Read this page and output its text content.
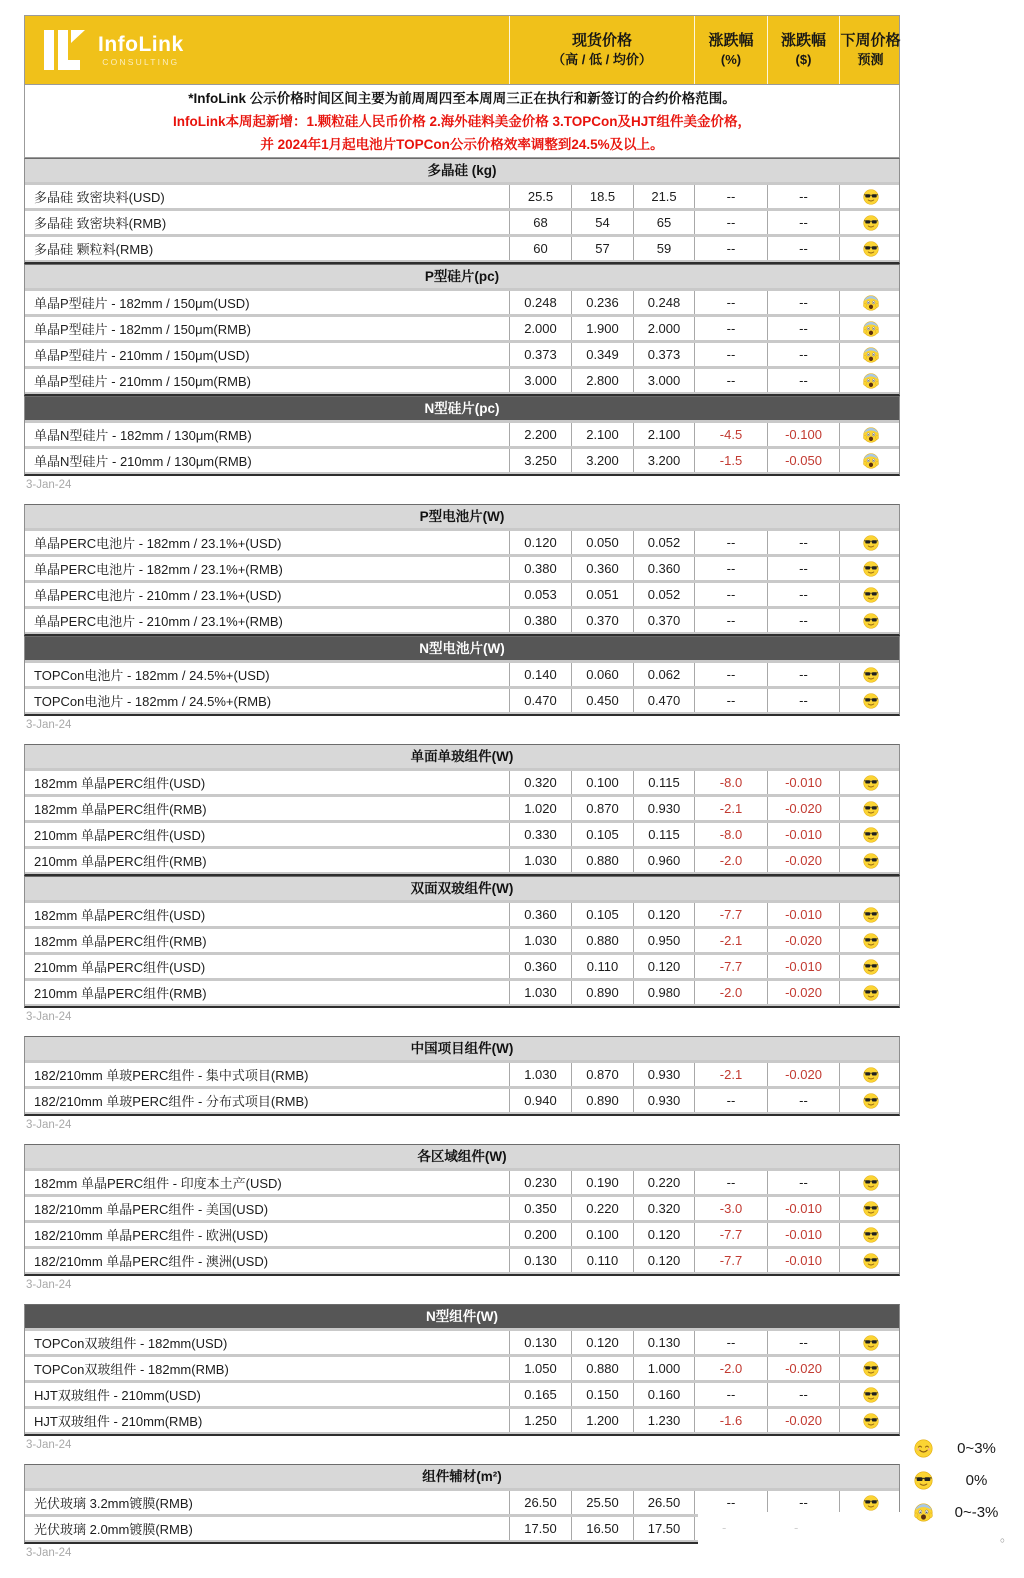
InfoLink
CONSULTING
现货价格
（高 / 低 / 均价）
涨跌幅
(%)
涨跌幅
($)
下周价格
预测
*InfoLink 公示价格时间区间主要为前周周四至本周周三正在执行和新签订的合约价格范围。
InfoLink本周起新增：1.颗粒硅人民币价格 2.海外硅料美金价格 3.TOPCon及HJT组件美金价格，
并 2024年1月起电池片TOPCon公示价格效率调整到24.5%及以上。
多晶硅 (kg)
多晶硅 致密块料(USD)	25.5	18.5	21.5	--	--
多晶硅 致密块料(RMB)	68	54	65	--	--
多晶硅 颗粒料(RMB)	60	57	59	--	--
P型硅片(pc)
单晶P型硅片 - 182mm / 150μm(USD)	0.248	0.236	0.248	--	--
单晶P型硅片 - 182mm / 150μm(RMB)	2.000	1.900	2.000	--	--
单晶P型硅片 - 210mm / 150μm(USD)	0.373	0.349	0.373	--	--
单晶P型硅片 - 210mm / 150μm(RMB)	3.000	2.800	3.000	--	--
N型硅片(pc)
单晶N型硅片 - 182mm / 130μm(RMB)	2.200	2.100	2.100	-4.5	-0.100
单晶N型硅片 - 210mm / 130μm(RMB)	3.250	3.200	3.200	-1.5	-0.050
3-Jan-24
P型电池片(W)
单晶PERC电池片 - 182mm / 23.1%+(USD)	0.120	0.050	0.052	--	--
单晶PERC电池片 - 182mm / 23.1%+(RMB)	0.380	0.360	0.360	--	--
单晶PERC电池片 - 210mm / 23.1%+(USD)	0.053	0.051	0.052	--	--
单晶PERC电池片 - 210mm / 23.1%+(RMB)	0.380	0.370	0.370	--	--
N型电池片(W)
TOPCon电池片 - 182mm / 24.5%+(USD)	0.140	0.060	0.062	--	--
TOPCon电池片 - 182mm / 24.5%+(RMB)	0.470	0.450	0.470	--	--
3-Jan-24
单面单玻组件(W)
182mm 单晶PERC组件(USD)	0.320	0.100	0.115	-8.0	-0.010
182mm 单晶PERC组件(RMB)	1.020	0.870	0.930	-2.1	-0.020
210mm 单晶PERC组件(USD)	0.330	0.105	0.115	-8.0	-0.010
210mm 单晶PERC组件(RMB)	1.030	0.880	0.960	-2.0	-0.020
双面双玻组件(W)
182mm 单晶PERC组件(USD)	0.360	0.105	0.120	-7.7	-0.010
182mm 单晶PERC组件(RMB)	1.030	0.880	0.950	-2.1	-0.020
210mm 单晶PERC组件(USD)	0.360	0.110	0.120	-7.7	-0.010
210mm 单晶PERC组件(RMB)	1.030	0.890	0.980	-2.0	-0.020
3-Jan-24
中国项目组件(W)
182/210mm 单玻PERC组件 - 集中式项目(RMB)	1.030	0.870	0.930	-2.1	-0.020
182/210mm 单玻PERC组件 - 分布式项目(RMB)	0.940	0.890	0.930	--	--
3-Jan-24
各区域组件(W)
182mm 单晶PERC组件 - 印度本土产(USD)	0.230	0.190	0.220	--	--
182/210mm 单晶PERC组件 - 美国(USD)	0.350	0.220	0.320	-3.0	-0.010
182/210mm 单晶PERC组件 - 欧洲(USD)	0.200	0.100	0.120	-7.7	-0.010
182/210mm 单晶PERC组件 - 澳洲(USD)	0.130	0.110	0.120	-7.7	-0.010
3-Jan-24
N型组件(W)
TOPCon双玻组件 - 182mm(USD)	0.130	0.120	0.130	--	--
TOPCon双玻组件 - 182mm(RMB)	1.050	0.880	1.000	-2.0	-0.020
HJT双玻组件 - 210mm(USD)	0.165	0.150	0.160	--	--
HJT双玻组件 - 210mm(RMB)	1.250	1.200	1.230	-1.6	-0.020
3-Jan-24
组件辅材(m²)
光伏玻璃 3.2mm镀膜(RMB)	26.50	25.50	26.50	--	--
光伏玻璃 2.0mm镀膜(RMB)	17.50	16.50	17.50
3-Jan-24
0~3%
0%
0~-3%
-	-
。
